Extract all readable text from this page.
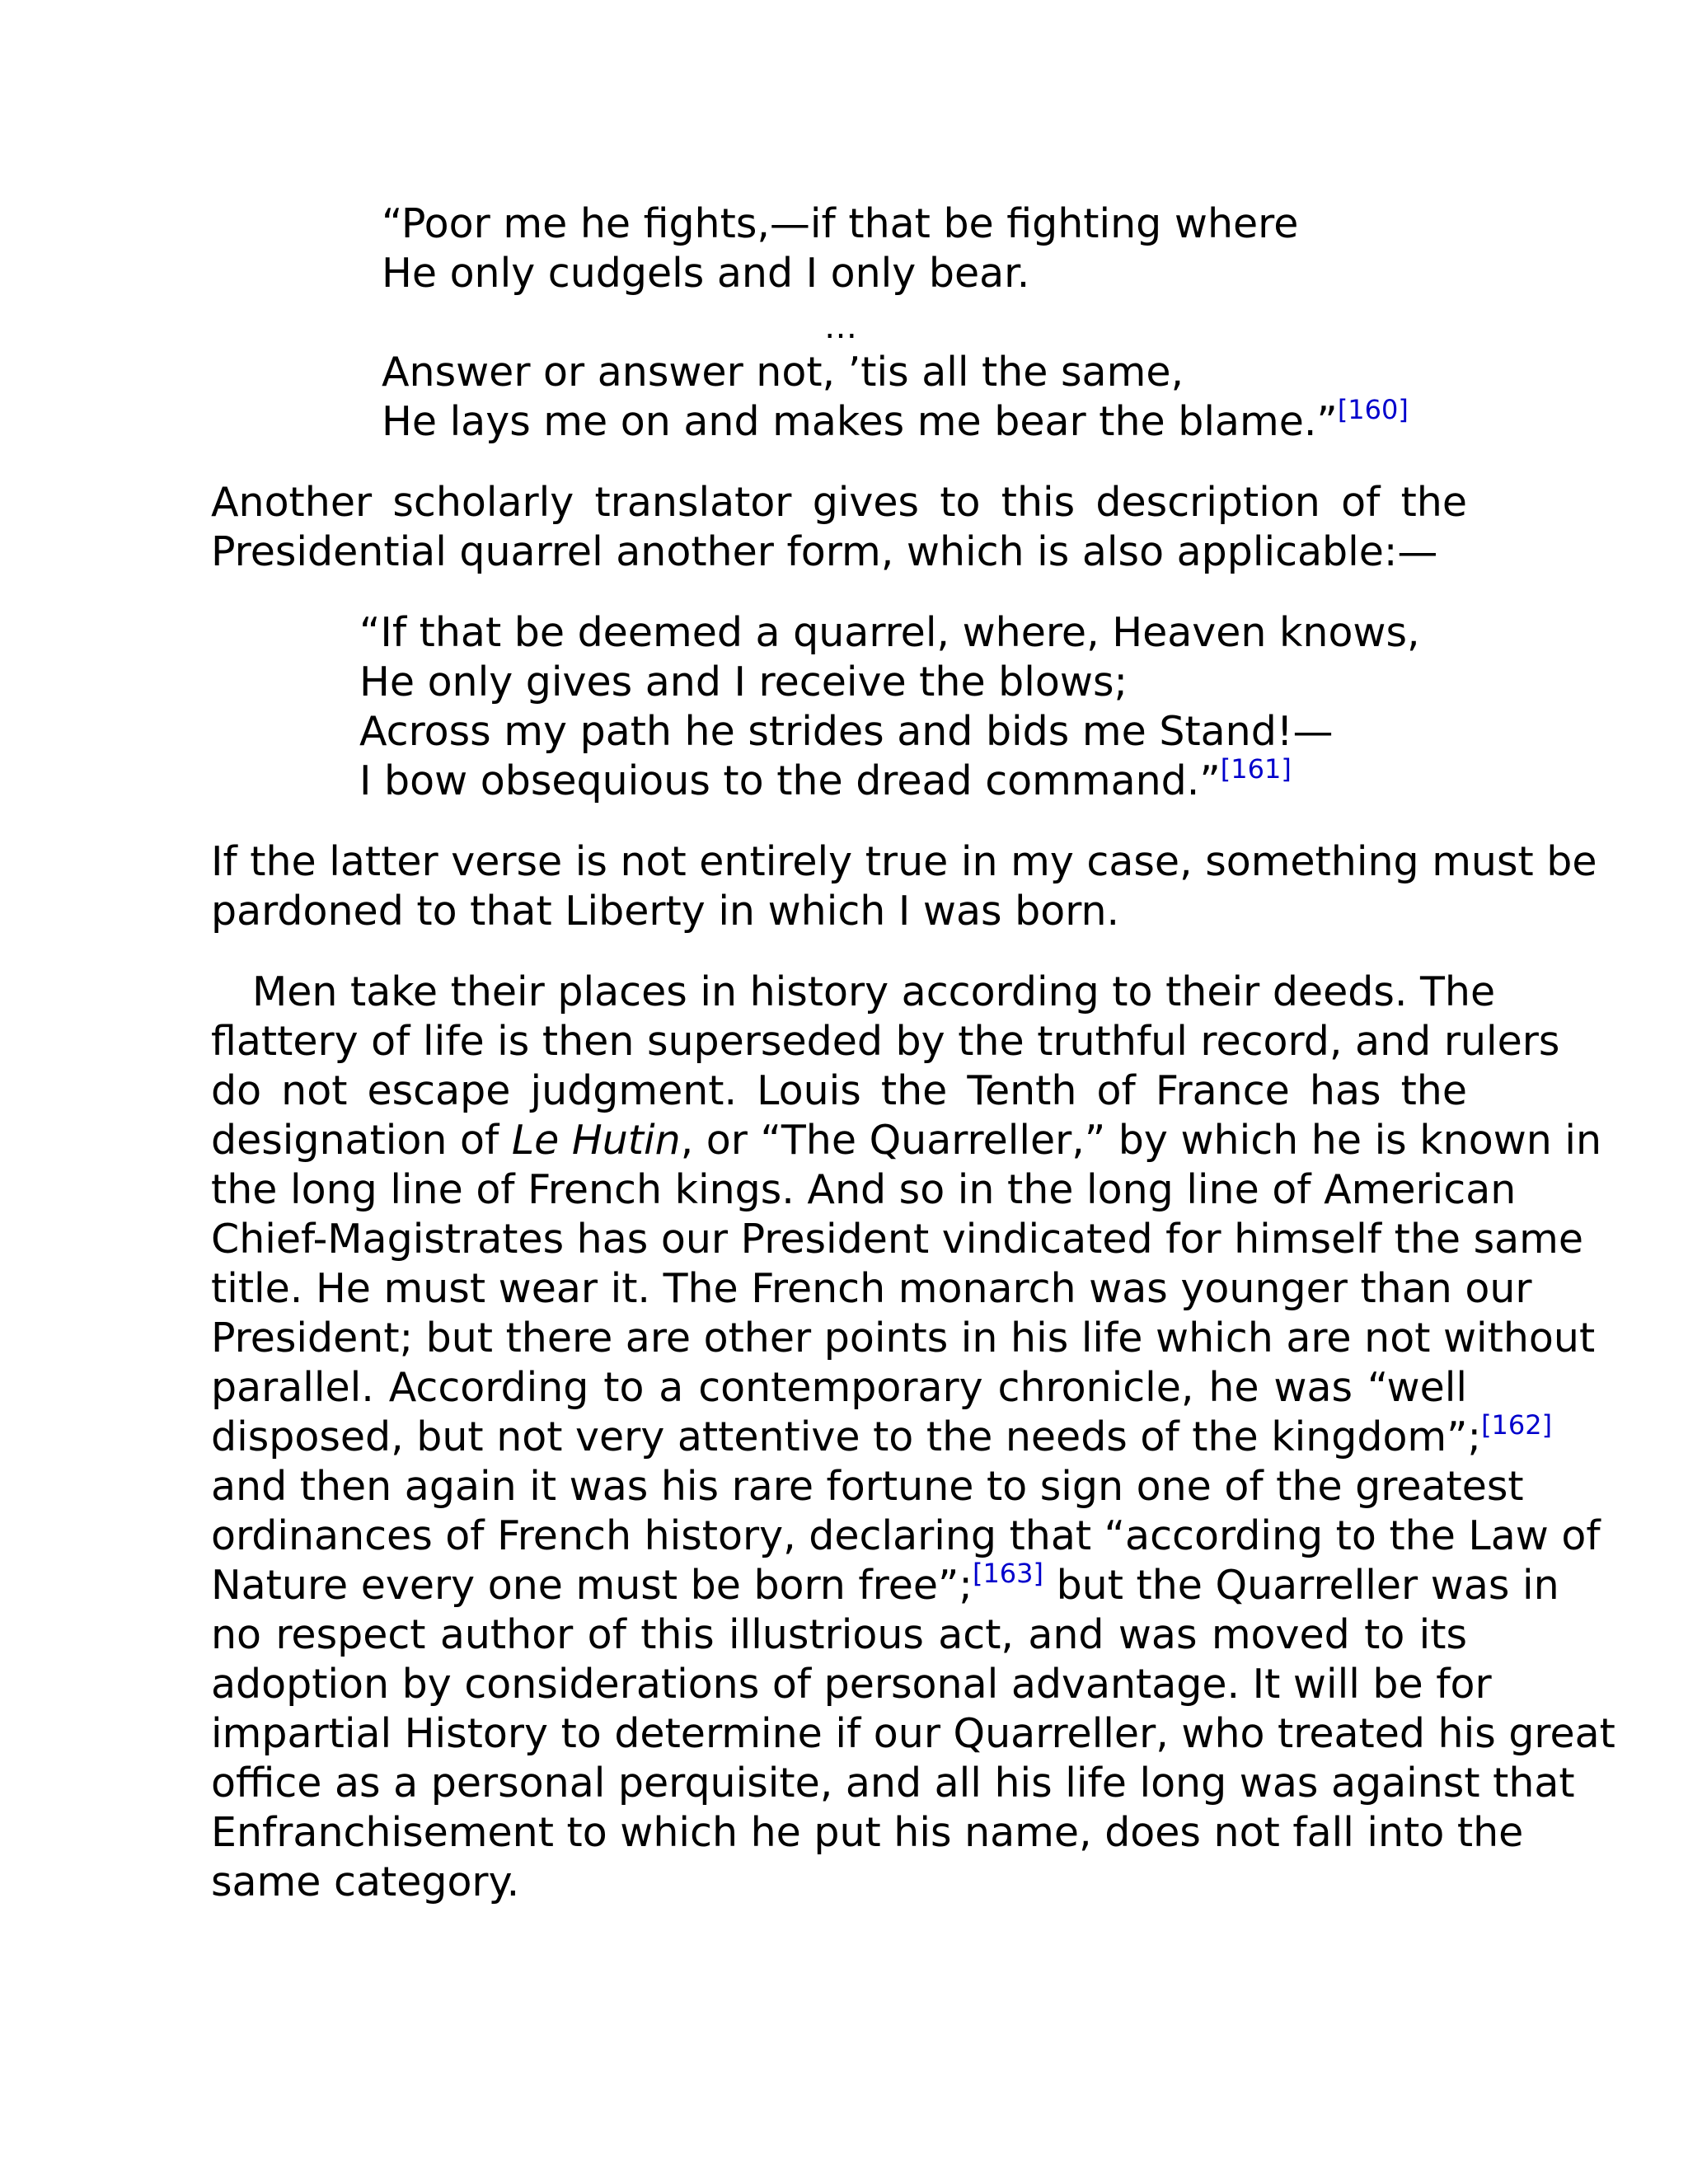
“Poor me he fights,—if that be fighting where
He only cudgels and I only bear.
…
Answer or answer not, ’tis all the same,
He lays me on and makes me bear the blame.”[160]
Another scholarly translator gives to this description of the
Presidential quarrel another form, which is also applicable:—
“If that be deemed a quarrel, where, Heaven knows,
He only gives and I receive the blows;
Across my path he strides and bids me Stand!—
I bow obsequious to the dread command.”[161]
If the latter verse is not entirely true in my case, something must be
pardoned to that Liberty in which I was born.
Men take their places in history according to their deeds. The
flattery of life is then superseded by the truthful record, and rulers
do not escape judgment. Louis the Tenth of France has the
designation of Le Hutin, or “The Quarreller,” by which he is known in
the long line of French kings. And so in the long line of American
Chief-Magistrates has our President vindicated for himself the same
title. He must wear it. The French monarch was younger than our
President; but there are other points in his life which are not without
parallel. According to a contemporary chronicle, he was “well
disposed, but not very attentive to the needs of the kingdom”;[162]
and then again it was his rare fortune to sign one of the greatest
ordinances of French history, declaring that “according to the Law of
Nature every one must be born free”;[163] but the Quarreller was in
no respect author of this illustrious act, and was moved to its
adoption by considerations of personal advantage. It will be for
impartial History to determine if our Quarreller, who treated his great
office as a personal perquisite, and all his life long was against that
Enfranchisement to which he put his name, does not fall into the
same category.
